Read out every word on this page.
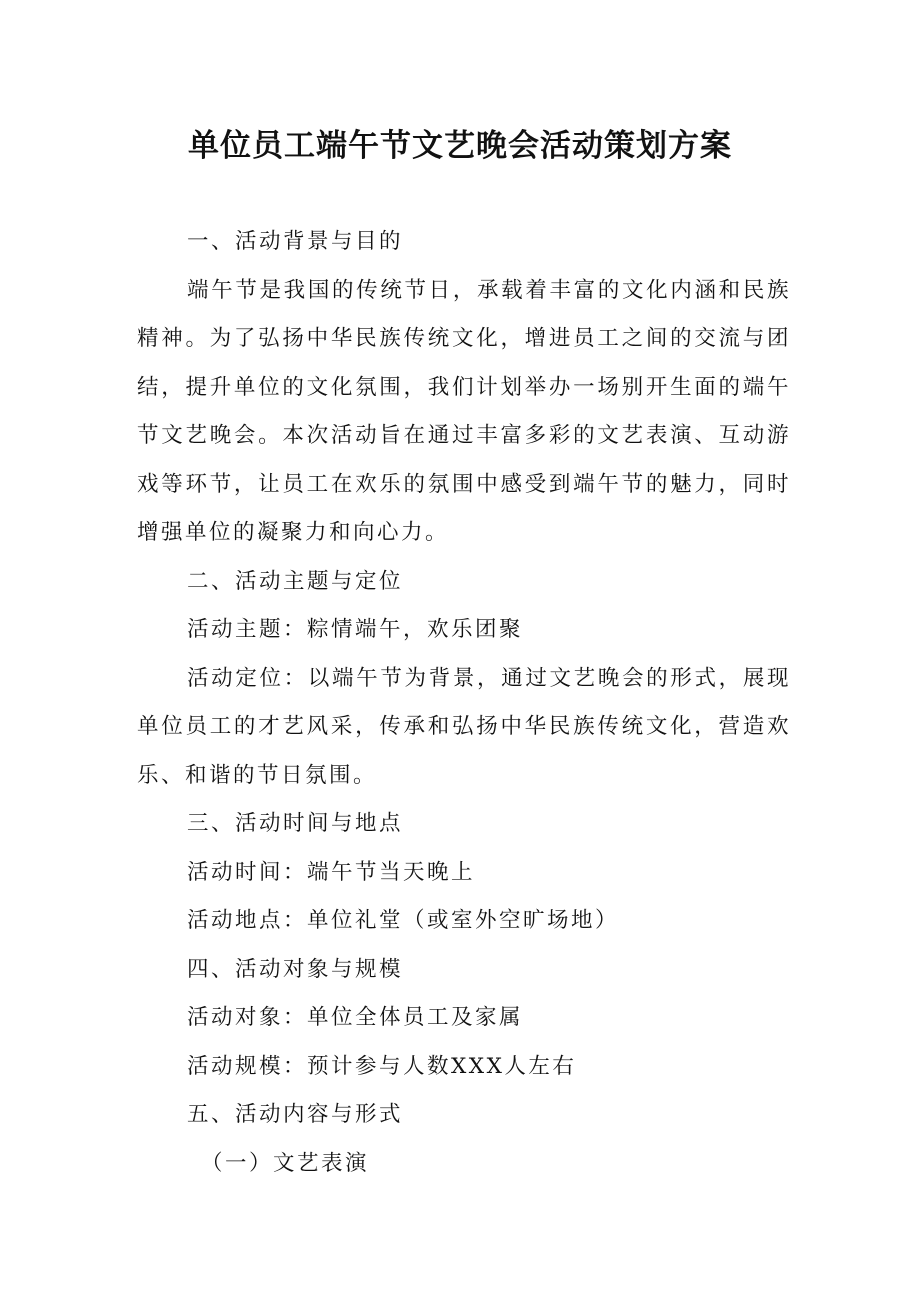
单位员工端午节文艺晚会活动策划方案

一、活动背景与目的

端午节是我国的传统节日，承载着丰富的文化内涵和民族精神。为了弘扬中华民族传统文化，增进员工之间的交流与团结，提升单位的文化氛围，我们计划举办一场别开生面的端午节文艺晚会。本次活动旨在通过丰富多彩的文艺表演、互动游戏等环节，让员工在欢乐的氛围中感受到端午节的魅力，同时增强单位的凝聚力和向心力。

二、活动主题与定位

活动主题：粽情端午，欢乐团聚

活动定位：以端午节为背景，通过文艺晚会的形式，展现单位员工的才艺风采，传承和弘扬中华民族传统文化，营造欢乐、和谐的节日氛围。

三、活动时间与地点

活动时间：端午节当天晚上

活动地点：单位礼堂（或室外空旷场地）

四、活动对象与规模

活动对象：单位全体员工及家属

活动规模：预计参与人数XXX人左右

五、活动内容与形式

（一）文艺表演
